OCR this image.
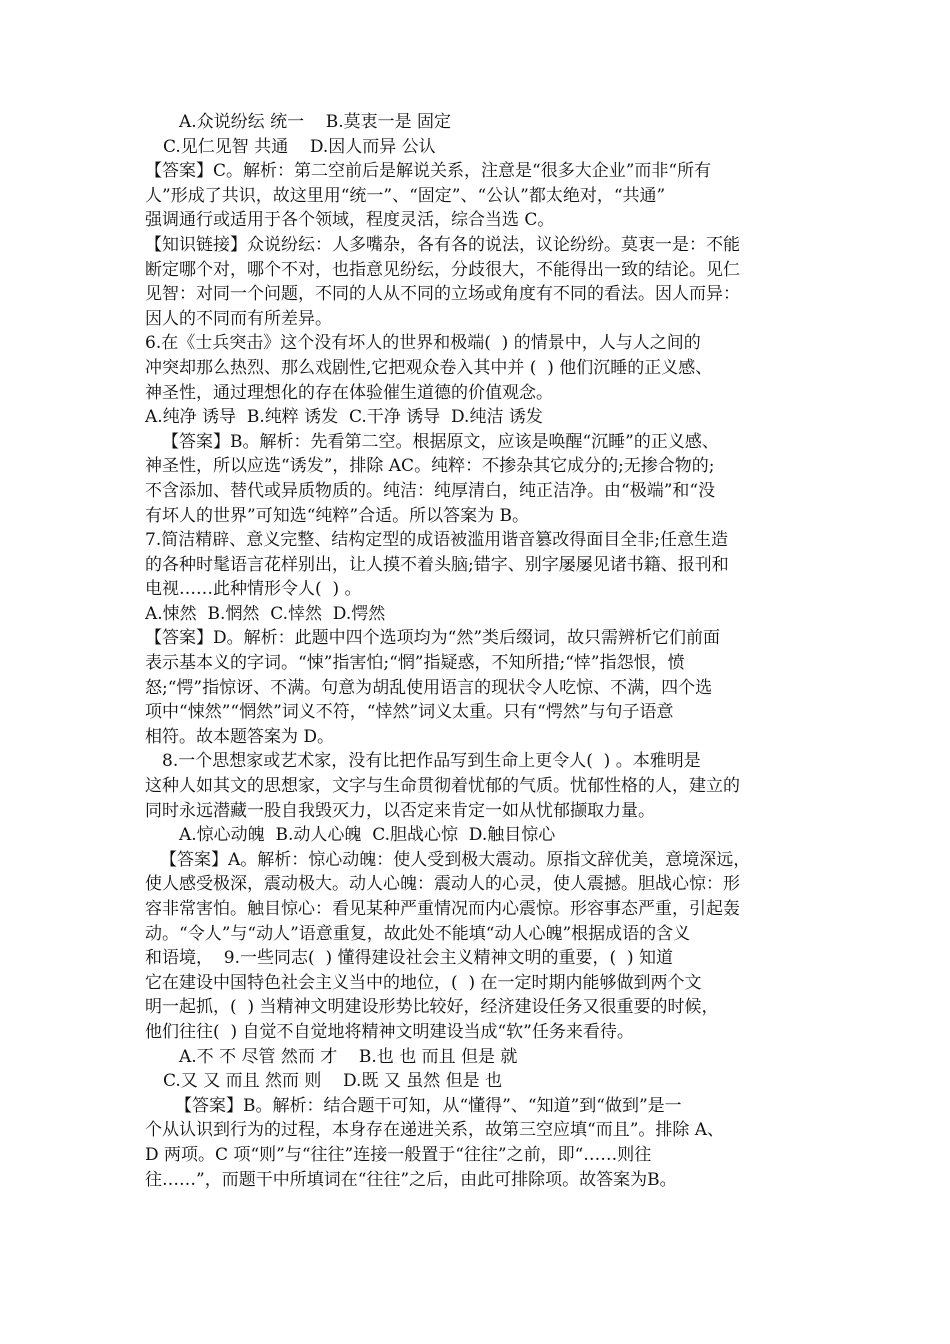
A.众说纷纭 统一    B.莫衷一是 固定
C.见仁见智 共通    D.因人而异 公认
【答案】C。解析：第二空前后是解说关系，注意是“很多大企业”而非“所有
人”形成了共识，故这里用“统一”、“固定”、“公认”都太绝对，“共通”
强调通行或适用于各个领域，程度灵活，综合当选 C。
【知识链接】众说纷纭：人多嘴杂，各有各的说法，议论纷纷。莫衷一是：不能
断定哪个对，哪个不对，也指意见纷纭，分歧很大，不能得出一致的结论。见仁
见智：对同一个问题，不同的人从不同的立场或角度有不同的看法。因人而异：
因人的不同而有所差异。
6.在《士兵突击》这个没有坏人的世界和极端(  ) 的情景中，人与人之间的
冲突却那么热烈、那么戏剧性,它把观众卷入其中并 (  ) 他们沉睡的正义感、
神圣性，通过理想化的存在体验催生道德的价值观念。
A.纯净 诱导  B.纯粹 诱发  C.干净 诱导  D.纯洁 诱发
【答案】B。解析：先看第二空。根据原文，应该是唤醒“沉睡”的正义感、
神圣性，所以应选“诱发”，排除 AC。纯粹：不掺杂其它成分的;无掺合物的;
不含添加、替代或异质物质的。纯洁：纯厚清白，纯正洁净。由“极端”和“没
有坏人的世界”可知选“纯粹”合适。所以答案为 B。
7.简洁精辟、意义完整、结构定型的成语被滥用谐音篡改得面目全非;任意生造
的各种时髦语言花样别出，让人摸不着头脑;错字、别字屡屡见诸书籍、报刊和
电视……此种情形令人(  ) 。
A.悚然  B.惘然  C.悻然  D.愕然
【答案】D。解析：此题中四个选项均为“然”类后缀词，故只需辨析它们前面
表示基本义的字词。“悚”指害怕;“惘”指疑惑，不知所措;“悻”指怨恨，愤
怒;“愕”指惊讶、不满。句意为胡乱使用语言的现状令人吃惊、不满，四个选
项中“悚然”“惘然”词义不符，“悻然”词义太重。只有“愕然”与句子语意
相符。故本题答案为 D。
8.一个思想家或艺术家，没有比把作品写到生命上更令人(  ) 。本雅明是
这种人如其文的思想家，文字与生命贯彻着忧郁的气质。忧郁性格的人，建立的
同时永远潜藏一股自我毁灭力，以否定来肯定一如从忧郁撷取力量。
A.惊心动魄  B.动人心魄  C.胆战心惊  D.触目惊心
【答案】A。解析：惊心动魄：使人受到极大震动。原指文辞优美，意境深远，
使人感受极深，震动极大。动人心魄：震动人的心灵，使人震撼。胆战心惊：形
容非常害怕。触目惊心：看见某种严重情况而内心震惊。形容事态严重，引起轰
动。“令人”与“动人”语意重复，故此处不能填“动人心魄”根据成语的含义
和语境，  9.一些同志(  ) 懂得建设社会主义精神文明的重要，(  ) 知道
它在建设中国特色社会主义当中的地位，(  ) 在一定时期内能够做到两个文
明一起抓，(  ) 当精神文明建设形势比较好，经济建设任务又很重要的时候，
他们往往(  ) 自觉不自觉地将精神文明建设当成“软”任务来看待。
A.不 不 尽管 然而 才    B.也 也 而且 但是 就
C.又 又 而且 然而 则    D.既 又 虽然 但是 也
【答案】B。解析：结合题干可知，从“懂得”、“知道”到“做到”是一
个从认识到行为的过程，本身存在递进关系，故第三空应填“而且”。排除 A、
D 两项。C 项“则”与“往往”连接一般置于“往往”之前，即“……则往
往……”，而题干中所填词在“往往”之后，由此可排除项。故答案为B。
